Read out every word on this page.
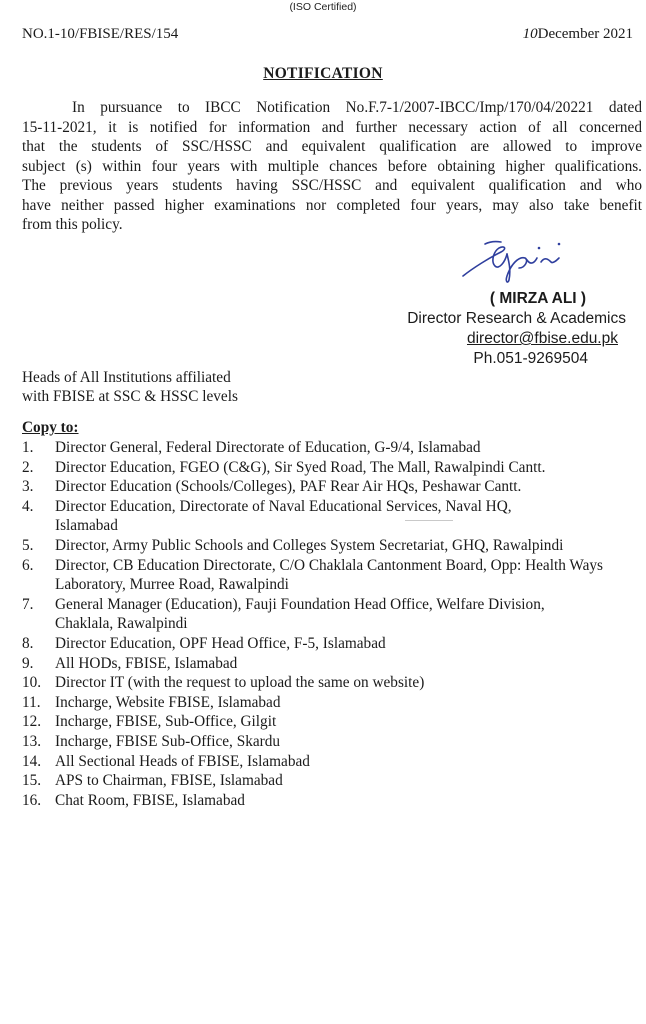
(ISO Certified)
NO.1-10/FBISE/RES/154	10December 2021
NOTIFICATION
In pursuance to IBCC Notification No.F.7-1/2007-IBCC/Imp/170/04/20221 dated
15-11-2021, it is notified for information and further necessary action of all concerned
that the students of SSC/HSSC and equivalent qualification are allowed to improve
subject (s) within four years with multiple chances before obtaining higher qualifications.
The previous years students having SSC/HSSC and equivalent qualification and who
have neither passed higher examinations nor completed four years, may also take benefit
from this policy.
( MIRZA ALI )
Director Research & Academics
director@fbise.edu.pk
Ph.051-9269504
Heads of All Institutions affiliated
with FBISE at SSC & HSSC levels
Copy to:
1. Director General, Federal Directorate of Education, G-9/4, Islamabad
2. Director Education, FGEO (C&G), Sir Syed Road, The Mall, Rawalpindi Cantt.
3. Director Education (Schools/Colleges), PAF Rear Air HQs, Peshawar Cantt.
4. Director Education, Directorate of Naval Educational Services, Naval HQ, Islamabad
5. Director, Army Public Schools and Colleges System Secretariat, GHQ, Rawalpindi
6. Director, CB Education Directorate, C/O Chaklala Cantonment Board, Opp: Health Ways Laboratory, Murree Road, Rawalpindi
7. General Manager (Education), Fauji Foundation Head Office, Welfare Division, Chaklala, Rawalpindi
8. Director Education, OPF Head Office, F-5, Islamabad
9. All HODs, FBISE, Islamabad
10. Director IT (with the request to upload the same on website)
11. Incharge, Website FBISE, Islamabad
12. Incharge, FBISE, Sub-Office, Gilgit
13. Incharge, FBISE Sub-Office, Skardu
14. All Sectional Heads of FBISE, Islamabad
15. APS to Chairman, FBISE, Islamabad
16. Chat Room, FBISE, Islamabad
